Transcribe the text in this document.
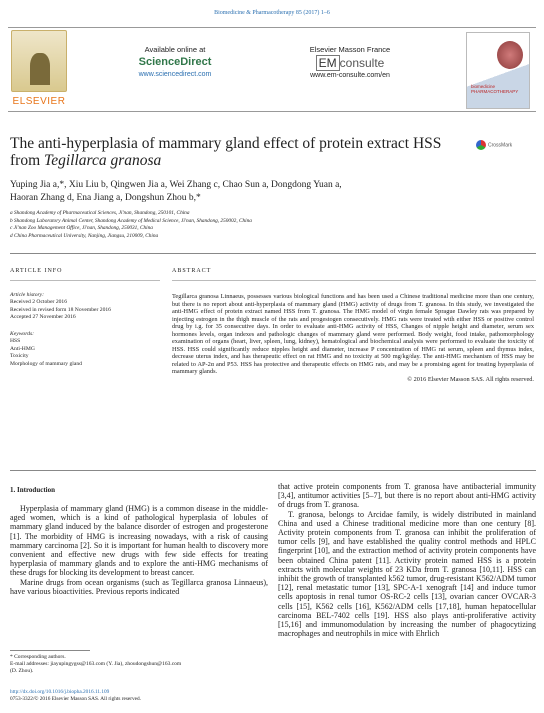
Biomedicine & Pharmacotherapy 85 (2017) 1–6
ELSEVIER
Available online at
ScienceDirect
www.sciencedirect.com
Elsevier Masson France
EM consulte
www.em-consulte.com/en
biomedicine
PHARMACOTHERAPY
The anti-hyperplasia of mammary gland effect of protein extract HSS
from Tegillarca granosa
CrossMark
Yuping Jia a,*, Xiu Liu b, Qingwen Jia a, Wei Zhang c, Chao Sun a, Dongdong Yuan a,
Haoran Zhang d, Ena Jiang a, Dongshun Zhou b,*
a Shandong Academy of Pharmaceutical Sciences, Ji'nan, Shandong, 250101, China
b Shandong Laboratory Animal Center, Shandong Academy of Medical Science, Ji'nan, Shandong, 250002, China
c Ji'nan Zoo Management Office, Ji'nan, Shandong, 250031, China
d China Pharmaceutical University, Nanjing, Jiangsu, 210009, China
ARTICLE INFO	ABSTRACT
Article history:
Received 2 October 2016
Received in revised form 18 November 2016
Accepted 27 November 2016
Keywords:
HSS
Anti-HMG
Toxicity
Morphology of mammary gland
Tegillarca granosa Linnaeus, possesses various biological functions and has been used a Chinese traditional medicine more than one century, but there is no report about anti-hyperplasia of mammary gland (HMG) activity of drugs from T. granosa. In this study, we investigated the anti-HMG effect of protein extract named HSS from T. granosa. The HMG model of virgin female Sprague Dawley rats was prepared by injecting estrogen in the thigh muscle of the rats and progestogen consecutively. HMG rats were treated with either HSS or positive control drug by i.g. for 35 consecutive days. In order to evaluate anti-HMG activity of HSS, Changes of nipple height and diameter, serum sex hormones levels, organ indexes and pathologic changes of mammary gland were performed. Body weight, food intake, pathomorphology examination of organs (heart, liver, spleen, lung, kidney), hematological and biochemical analysis were performed to evaluate the toxicity of HSS. HSS could significantly reduce nipples height and diameter, increase P concentration of HMG rat serum, spleen and thymus index, decrease uterus index, and has therapeutic effect on rat HMG and no toxicity at 500 mg/kg/day. The anti-HMG mechanism of HSS may be related to AP-2α and P53. HSS has protective and therapeutic effects on HMG rats, and may be a promising agent for treating hyperplasia of mammary glands.
© 2016 Elsevier Masson SAS. All rights reserved.
1. Introduction

Hyperplasia of mammary gland (HMG) is a common disease in the middle-aged women, which is a kind of pathological hyperplasia of lobules of mammary gland induced by the balance disorder of estrogen and progesterone [1]. The morbidity of HMG is increasing nowadays, with a risk of causing mammary carcinoma [2]. So it is important for human health to discovery more convenient and effective new drugs with few side effects for treating hyperplasia of mammary glands and to explore the anti-HMG mechanisms of these drugs for blocking its development to breast cancer.

Marine drugs from ocean organisms (such as Tegillarca granosa Linnaeus), have various bioactivities. Previous reports indicated

that active protein components from T. granosa have antibacterial immunity [3,4], antitumor activities [5–7], but there is no report about anti-HMG activity of drugs from T. granosa.

T. granosa, belongs to Arcidae family, is widely distributed in mainland China and used a Chinese traditional medicine more than one century [8]. Activity protein components from T. granosa can inhibit the proliferation of tumor cells [9], and have established the quality control methods and HPLC fingerprint [10], and the extraction method of activity protein components have been obtained China patent [11]. Activity protein named HSS is a protein extracts with molecular weights of 23 KDa from T. granosa [10,11]. HSS can inhibit the growth of transplanted k562 tumor, drug-resistant K562/ADM tumor [12], renal metastatic tumor [13], SPC-A-1 xenograft [14] and induce tumor cells apoptosis in renal tumor OS-RC-2 cells [13], ovarian cancer OVCAR-3 cells [15], K562 cells [16], K562/ADM cells [17,18], human hepatocellular carcinoma BEL-7402 cells [19]. HSS also plays anti-proliferative activity [15,16] and immunomodulation by increasing the number of phagocytizing macrophages and neutrophils in mice with Ehrlich

* Corresponding authors.
E-mail addresses: jiayupingygss@163.com (Y. Jia), zhoudongshun@163.com
(D. Zhou).
http://dx.doi.org/10.1016/j.biopha.2016.11.109
0753-3322/© 2016 Elsevier Masson SAS. All rights reserved.
